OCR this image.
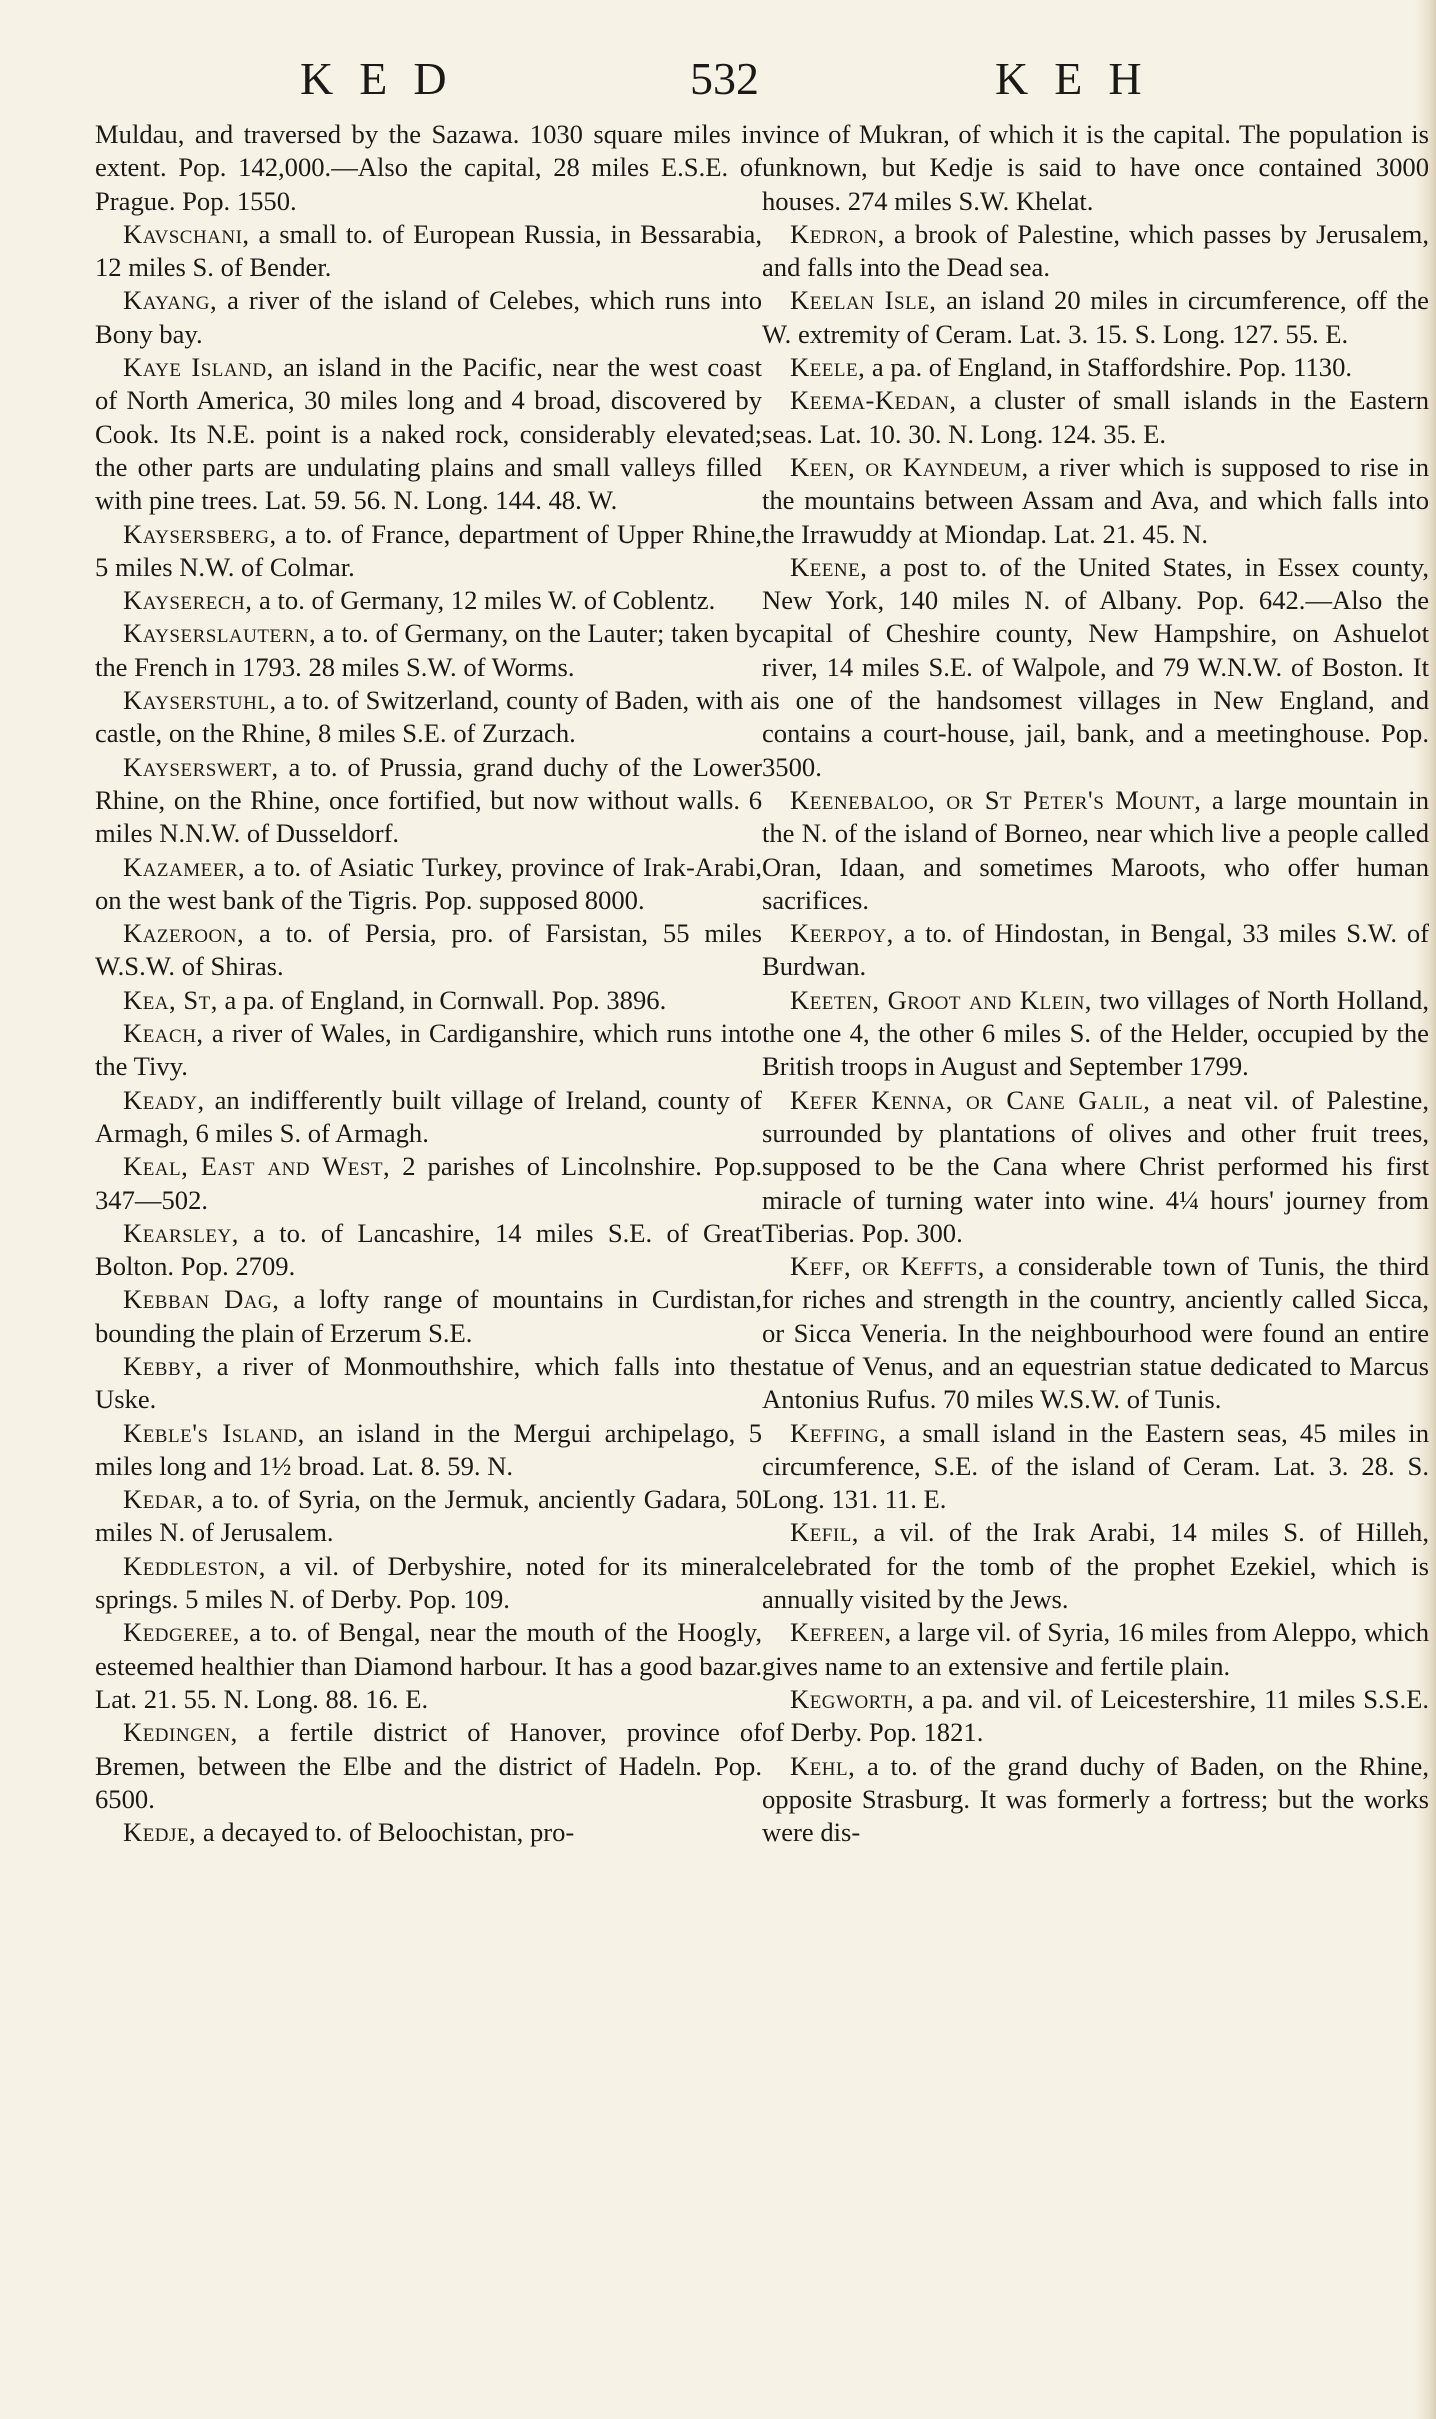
KED	532	KEH

Muldau, and traversed by the Sazawa. 1030 square miles in extent. Pop. 142,000.—Also the capital, 28 miles E.S.E. of Prague. Pop. 1550.

Kavschani, a small to. of European Russia, in Bessarabia, 12 miles S. of Bender.

Kayang, a river of the island of Celebes, which runs into Bony bay.

Kaye Island, an island in the Pacific, near the west coast of North America, 30 miles long and 4 broad, discovered by Cook. Its N.E. point is a naked rock, considerably elevated; the other parts are undulating plains and small valleys filled with pine trees. Lat. 59. 56. N. Long. 144. 48. W.

Kaysersberg, a to. of France, department of Upper Rhine, 5 miles N.W. of Colmar.

Kayserech, a to. of Germany, 12 miles W. of Coblentz.

Kayserslautern, a to. of Germany, on the Lauter; taken by the French in 1793. 28 miles S.W. of Worms.

Kayserstuhl, a to. of Switzerland, county of Baden, with a castle, on the Rhine, 8 miles S.E. of Zurzach.

Kayserswert, a to. of Prussia, grand duchy of the Lower Rhine, on the Rhine, once fortified, but now without walls. 6 miles N.N.W. of Dusseldorf.

Kazameer, a to. of Asiatic Turkey, province of Irak-Arabi, on the west bank of the Tigris. Pop. supposed 8000.

Kazeroon, a to. of Persia, pro. of Farsistan, 55 miles W.S.W. of Shiras.

Kea, St, a pa. of England, in Cornwall. Pop. 3896.

Keach, a river of Wales, in Cardiganshire, which runs into the Tivy.

Keady, an indifferently built village of Ireland, county of Armagh, 6 miles S. of Armagh.

Keal, East and West, 2 parishes of Lincolnshire. Pop. 347—502.

Kearsley, a to. of Lancashire, 14 miles S.E. of Great Bolton. Pop. 2709.

Kebban Dag, a lofty range of mountains in Curdistan, bounding the plain of Erzerum S.E.

Kebby, a river of Monmouthshire, which falls into the Uske.

Keble's Island, an island in the Mergui archipelago, 5 miles long and 1½ broad. Lat. 8. 59. N.

Kedar, a to. of Syria, on the Jermuk, anciently Gadara, 50 miles N. of Jerusalem.

Keddleston, a vil. of Derbyshire, noted for its mineral springs. 5 miles N. of Derby. Pop. 109.

Kedgeree, a to. of Bengal, near the mouth of the Hoogly, esteemed healthier than Diamond harbour. It has a good bazar. Lat. 21. 55. N. Long. 88. 16. E.

Kedingen, a fertile district of Hanover, province of Bremen, between the Elbe and the district of Hadeln. Pop. 6500.

Kedje, a decayed to. of Beloochistan, pro-

vince of Mukran, of which it is the capital. The population is unknown, but Kedje is said to have once contained 3000 houses. 274 miles S.W. Khelat.

Kedron, a brook of Palestine, which passes by Jerusalem, and falls into the Dead sea.

Keelan Isle, an island 20 miles in circumference, off the W. extremity of Ceram. Lat. 3. 15. S. Long. 127. 55. E.

Keele, a pa. of England, in Staffordshire. Pop. 1130.

Keema-Kedan, a cluster of small islands in the Eastern seas. Lat. 10. 30. N. Long. 124. 35. E.

Keen, or Kayndeum, a river which is supposed to rise in the mountains between Assam and Ava, and which falls into the Irrawuddy at Miondap. Lat. 21. 45. N.

Keene, a post to. of the United States, in Essex county, New York, 140 miles N. of Albany. Pop. 642.—Also the capital of Cheshire county, New Hampshire, on Ashuelot river, 14 miles S.E. of Walpole, and 79 W.N.W. of Boston. It is one of the handsomest villages in New England, and contains a court-house, jail, bank, and a meetinghouse. Pop. 3500.

Keenebaloo, or St Peter's Mount, a large mountain in the N. of the island of Borneo, near which live a people called Oran, Idaan, and sometimes Maroots, who offer human sacrifices.

Keerpoy, a to. of Hindostan, in Bengal, 33 miles S.W. of Burdwan.

Keeten, Groot and Klein, two villages of North Holland, the one 4, the other 6 miles S. of the Helder, occupied by the British troops in August and September 1799.

Kefer Kenna, or Cane Galil, a neat vil. of Palestine, surrounded by plantations of olives and other fruit trees, supposed to be the Cana where Christ performed his first miracle of turning water into wine. 4¼ hours' journey from Tiberias. Pop. 300.

Keff, or Keffts, a considerable town of Tunis, the third for riches and strength in the country, anciently called Sicca, or Sicca Veneria. In the neighbourhood were found an entire statue of Venus, and an equestrian statue dedicated to Marcus Antonius Rufus. 70 miles W.S.W. of Tunis.

Keffing, a small island in the Eastern seas, 45 miles in circumference, S.E. of the island of Ceram. Lat. 3. 28. S. Long. 131. 11. E.

Kefil, a vil. of the Irak Arabi, 14 miles S. of Hilleh, celebrated for the tomb of the prophet Ezekiel, which is annually visited by the Jews.

Kefreen, a large vil. of Syria, 16 miles from Aleppo, which gives name to an extensive and fertile plain.

Kegworth, a pa. and vil. of Leicestershire, 11 miles S.S.E. of Derby. Pop. 1821.

Kehl, a to. of the grand duchy of Baden, on the Rhine, opposite Strasburg. It was formerly a fortress; but the works were dis-
